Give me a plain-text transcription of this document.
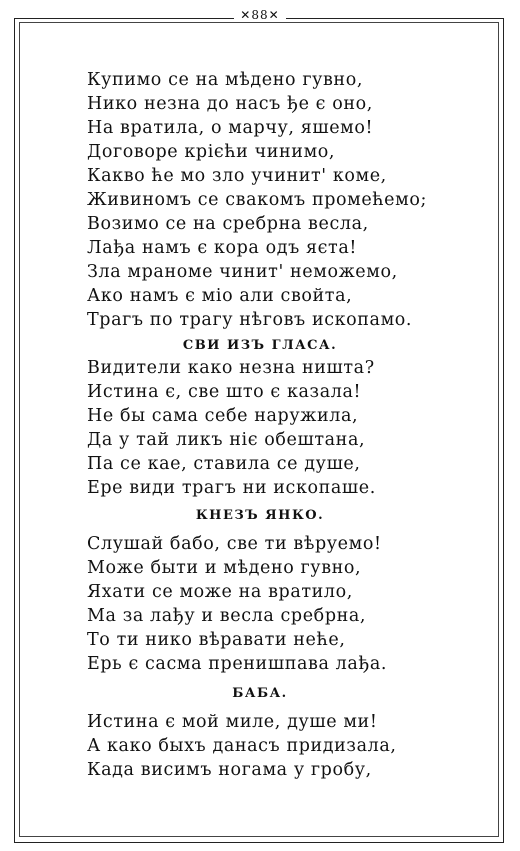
✕88✕
Купимо се на мѣдено гувно,
Нико незна до насъ ђе є оно,
На вратила, о марчу, яшемо!
Договоре крієћи чинимо,
Какво ће мо зло учинит' коме,
Живиномъ се свакомъ промећемо;
Возимо се на сребрна весла,
Лађа намъ є кора одъ яєта!
Зла мраноме чинит' неможемо,
Ако намъ є міо али свойта,
Трагъ по трагу нѣговъ ископамо.
СВИ ИЗЪ ГЛАСА.
Видители како незна ништа?
Истина є, све што є казала!
Не бы сама себе наружила,
Да у тай ликъ ніє обештана,
Па се кае, ставила се душе,
Ере види трагъ ни ископаше.
КНЕЗЪ ЯНКО.
Слушай бабо, све ти вѣруемо!
Може быти и мѣдено гувно,
Яхати се може на вратило,
Ма за лађу и весла сребрна,
То ти нико вѣравати неће,
Ерь є сасма пренишпава лађа.
БАБА.
Истина є мой миле, душе ми!
А како быхъ данасъ придизала,
Када висимъ ногама у гробу,
